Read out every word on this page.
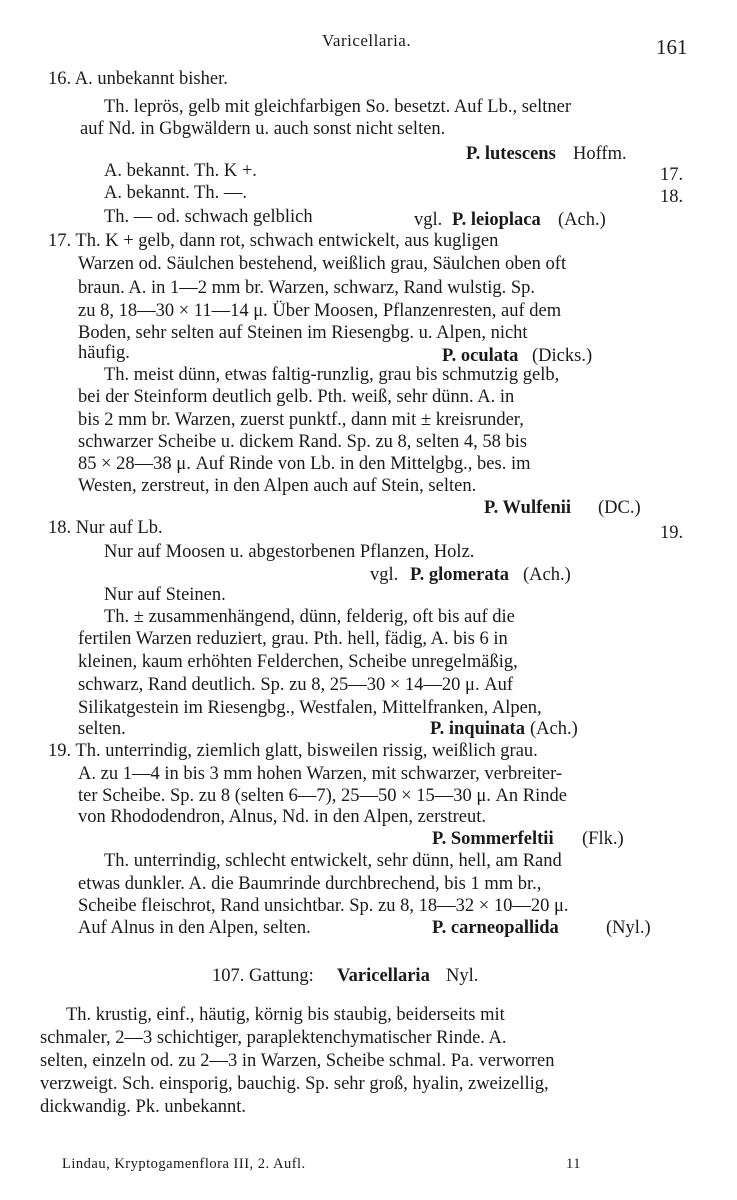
Varicellaria.	161
16. A. unbekannt bisher.
Th. leprös, gelb mit gleichfarbigen So. besetzt. Auf Lb., seltner
auf Nd. in Gbgwäldern u. auch sonst nicht selten.
P. lutescens Hoffm.
A. bekannt. Th. K +.	17.
A. bekannt. Th. —.	18.
Th. — od. schwach gelblich	vgl. P. leioplaca (Ach.)
17. Th. K + gelb, dann rot, schwach entwickelt, aus kugligen
Warzen od. Säulchen bestehend, weißlich grau, Säulchen oben oft
braun. A. in 1—2 mm br. Warzen, schwarz, Rand wulstig. Sp.
zu 8, 18—30 × 11—14 μ. Über Moosen, Pflanzenresten, auf dem
Boden, sehr selten auf Steinen im Riesengbg. u. Alpen, nicht
häufig.	P. oculata (Dicks.)
Th. meist dünn, etwas faltig-runzlig, grau bis schmutzig gelb,
bei der Steinform deutlich gelb. Pth. weiß, sehr dünn. A. in
bis 2 mm br. Warzen, zuerst punktf., dann mit ± kreisrunder,
schwarzer Scheibe u. dickem Rand. Sp. zu 8, selten 4, 58 bis
85 × 28—38 μ. Auf Rinde von Lb. in den Mittelgbg., bes. im
Westen, zerstreut, in den Alpen auch auf Stein, selten.
P. Wulfenii (DC.)
18. Nur auf Lb.	19.
Nur auf Moosen u. abgestorbenen Pflanzen, Holz.
vgl. P. glomerata (Ach.)
Nur auf Steinen.
Th. ± zusammenhängend, dünn, felderig, oft bis auf die
fertilen Warzen reduziert, grau. Pth. hell, fädig, A. bis 6 in
kleinen, kaum erhöhten Felderchen, Scheibe unregelmäßig,
schwarz, Rand deutlich. Sp. zu 8, 25—30 × 14—20 μ. Auf
Silikatgestein im Riesengbg., Westfalen, Mittelfranken, Alpen,
selten.	P. inquinata (Ach.)
19. Th. unterrindig, ziemlich glatt, bisweilen rissig, weißlich grau.
A. zu 1—4 in bis 3 mm hohen Warzen, mit schwarzer, verbreiter-
ter Scheibe. Sp. zu 8 (selten 6—7), 25—50 × 15—30 μ. An Rinde
von Rhododendron, Alnus, Nd. in den Alpen, zerstreut.
P. Sommerfeltii (Flk.)
Th. unterrindig, schlecht entwickelt, sehr dünn, hell, am Rand
etwas dunkler. A. die Baumrinde durchbrechend, bis 1 mm br.,
Scheibe fleischrot, Rand unsichtbar. Sp. zu 8, 18—32 × 10—20 μ.
Auf Alnus in den Alpen, selten.	P. carneopallida	(Nyl.)
107. Gattung: Varicellaria Nyl.
Th. krustig, einf., häutig, körnig bis staubig, beiderseits mit
schmaler, 2—3 schichtiger, paraplektenchymatischer Rinde. A.
selten, einzeln od. zu 2—3 in Warzen, Scheibe schmal. Pa. verworren
verzweigt. Sch. einsporig, bauchig. Sp. sehr groß, hyalin, zweizellig,
dickwandig. Pk. unbekannt.
Lindau, Kryptogamenflora III, 2. Aufl.	11
